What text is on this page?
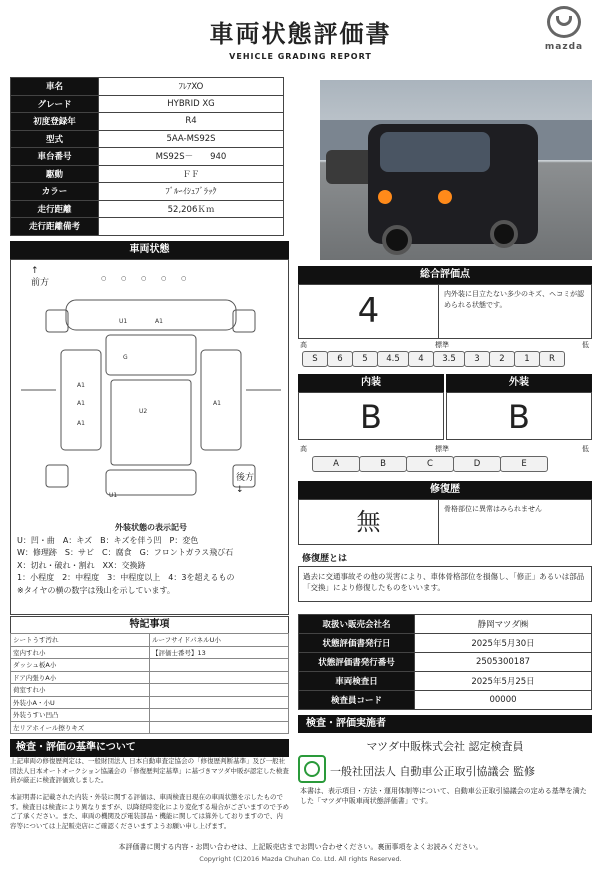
車両状態評価書
VEHICLE GRADING REPORT
mazda
車名	ﾌﾚｱXO
グレード	HYBRID XG
初度登録年	R4
型式	5AA-MS92S
車台番号	MS92S－　　940
駆動	ＦＦ
カラー	ﾌﾞﾙｰｲｼｭﾌﾞﾗｯｸ
走行距離	52,206Ｋｍ
走行距離備考	
車両状態
○ ○ ○ ○ ○
↑
前方
後方
↓
U1	A1
G
A1
A1
U2
A1
U1
A1

外装状態の表示記号

U：凹・曲　A：キズ　B：キズを伴う凹　P：変色

W：修理跡　S：サビ　C：腐食　G：フロントガラス飛び石

X：切れ・破れ・割れ　XX：交換跡

1：小程度　2：中程度　3：中程度以上　4：3を超えるもの

※タイヤの横の数字は残山を示しています。

特記事項
シートうす汚れ	ルーフサイドパネルU小
室内すれ小	【評価士番号】13
ダッシュ板A小	
ドア内張りA小	
荷室すれ小	
外装小A・小U	
外装うすい凹凸	
左リアホイール擦りキズ	
総合評価点
4	内外装に目立たない多少のキズ、ヘコミが認められる状態です。
高	標準	低
S	6	5	4.5	4	3.5	3	2	1	R
内装	外装
B	B
高	標準	低
A	B	C	D	E
修復歴
無	骨格部位に異常はみられません
修復歴とは
過去に交通事故その他の災害により、車体骨格部位を損傷し、「修正」あるいは部品「交換」により修復したものをいいます。
取扱い販売会社名	静岡マツダ㈱
状態評価書発行日	2025年5月30日
状態評価書発行番号	2505300187
車両検査日	2025年5月25日
検査員コード	00000
検査・評価実施者
マツダ中販株式会社 認定検査員
一般社団法人 自動車公正取引協議会 監修
本書は、表示項目・方法・運用体制等について、自動車公正取引協議会の定める基準を満たした「マツダ中販車両状態評価書」です。
検査・評価の基準について
上記車両の修復歴判定は、一般財団法人 日本自動車査定協会の「修復歴判断基準」及び一般社団法人日本オートオークション協議会の「修復歴判定基準」に基づきマツダ中販が認定した検査員が厳正に検査評価致しました。
本証明書に記載された内装・外装に関する評価は、車両検査日現在の車両状態を示したものです。検査日は検査により異なりますが、以降経時変化により変化する場合がございますので予めご了承ください。また、車両の機関及び電装部品・機能に関しては算外しておりますので、内容等については上記販売店にご確認くださいますようお願い申し上げます。
本評価書に関する内容・お問い合わせは、上記販売店までお問い合わせください。裏面事項をよくお読みください。
Copyright (C)2016 Mazda Chuhan Co. Ltd. All rights Reserved.
